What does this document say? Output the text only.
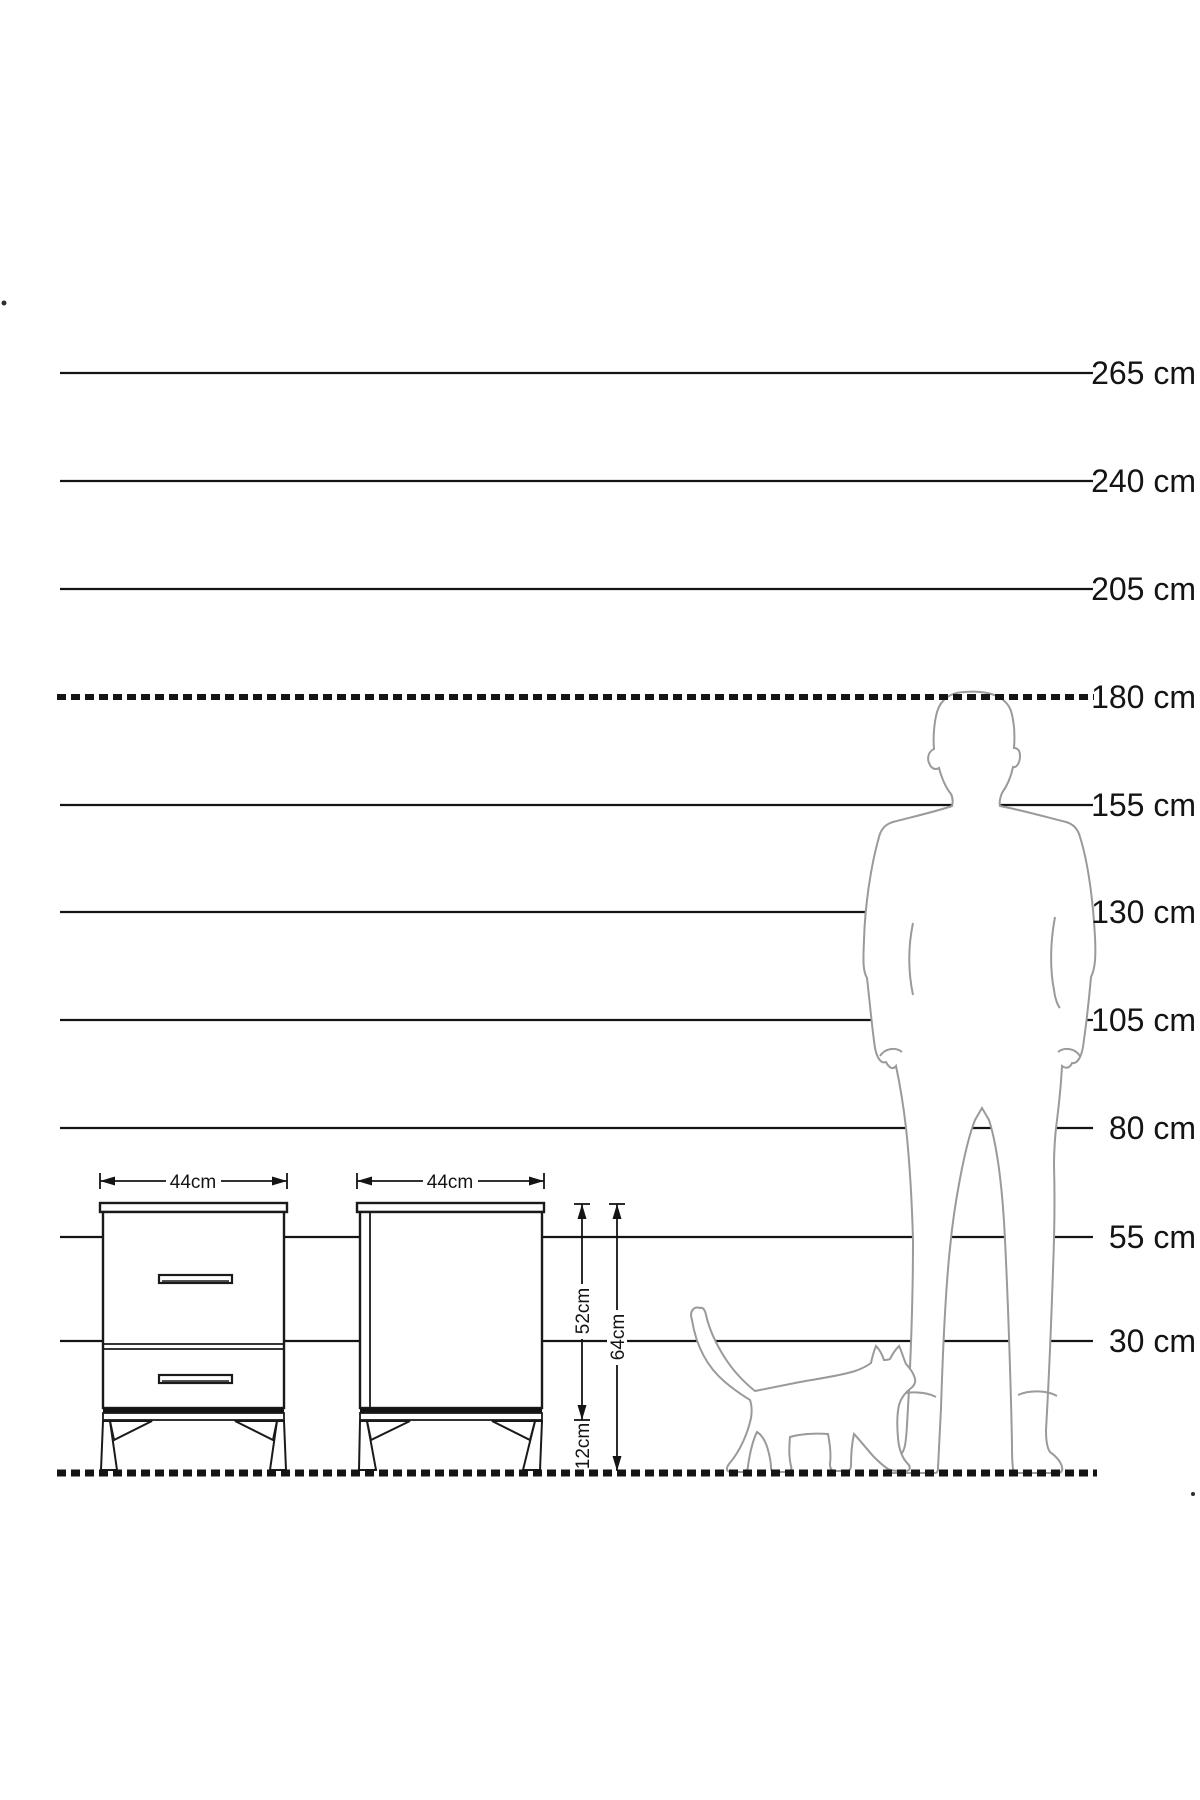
44cm	44cm
52cm
64cm
12cm
265 cm
240 cm
205 cm
180 cm
155 cm
130 cm
105 cm
80 cm
55 cm
30 cm
